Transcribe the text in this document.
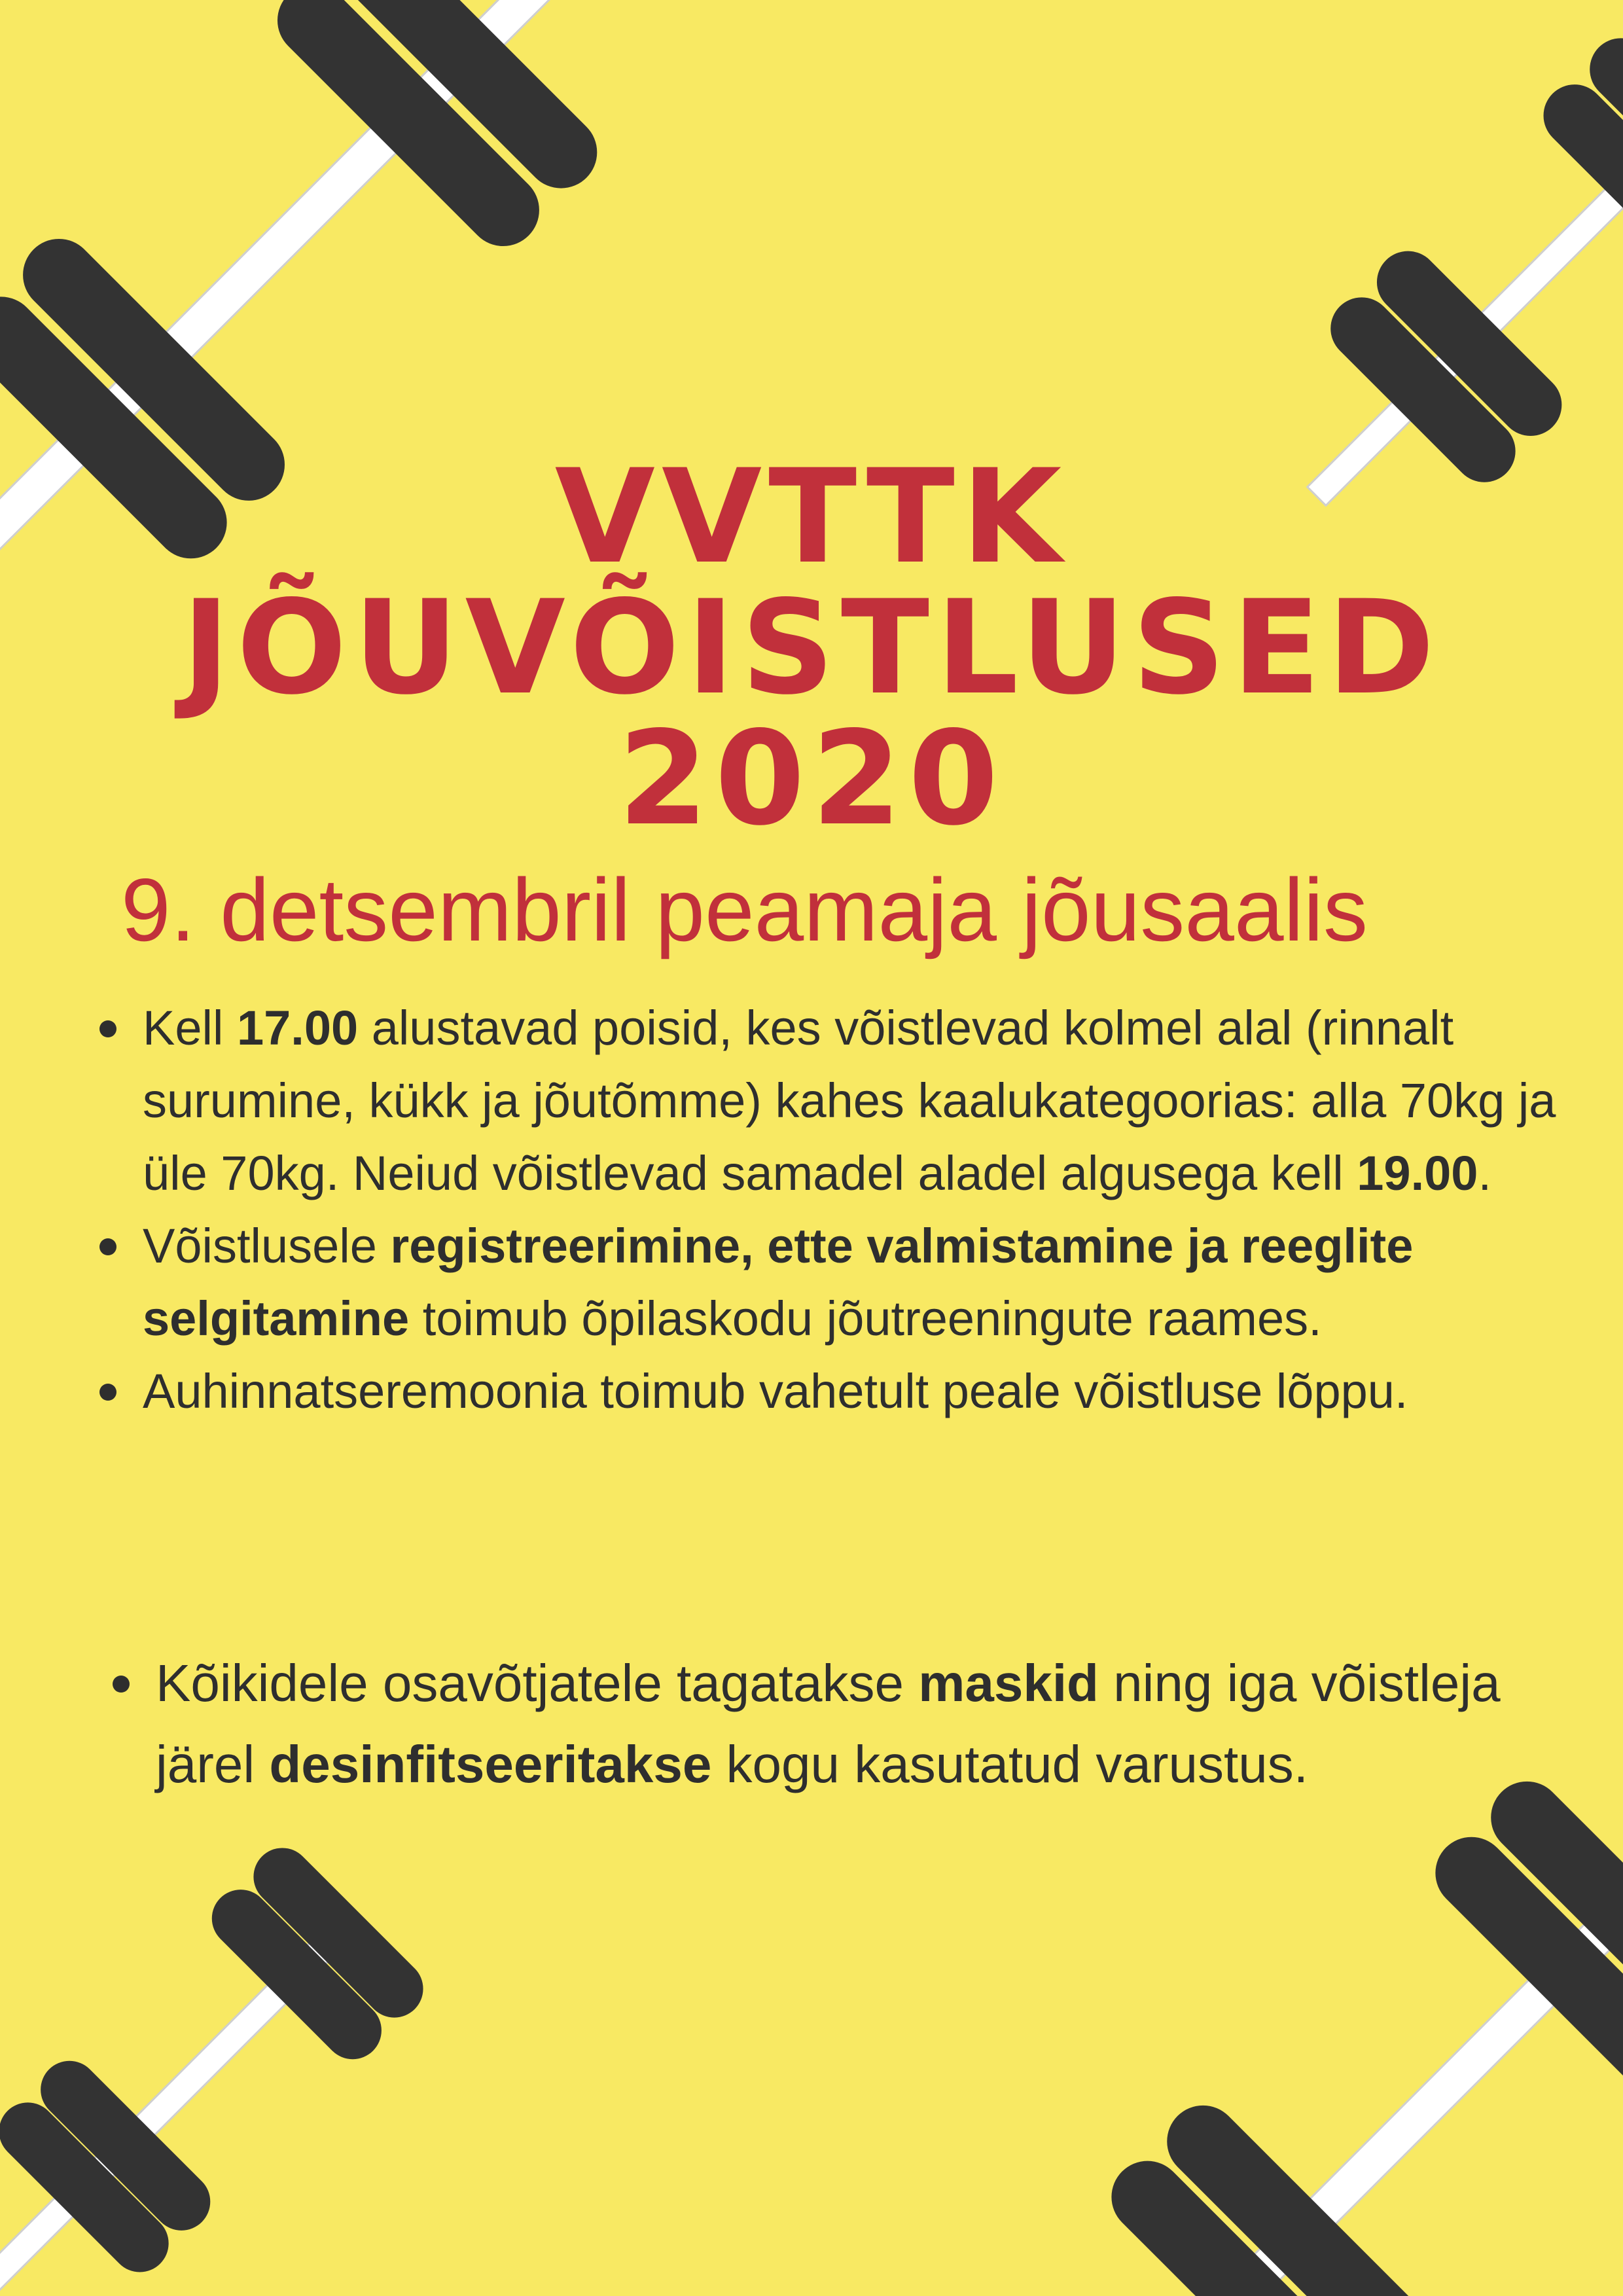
VVTTK
JÕUVÕISTLUSED
2020

9. detsembril peamaja jõusaalis

Kell 17.00 alustavad poisid, kes võistlevad kolmel alal (rinnalt surumine, kükk ja jõutõmme) kahes kaalukategoorias: alla 70kg ja üle 70kg. Neiud võistlevad samadel aladel algusega kell 19.00.
Võistlusele registreerimine, ette valmistamine ja reeglite selgitamine toimub õpilaskodu jõutreeningute raames.
Auhinnatseremoonia toimub vahetult peale võistluse lõppu.
Kõikidele osavõtjatele tagatakse maskid ning iga võistleja järel desinfitseeritakse kogu kasutatud varustus.
